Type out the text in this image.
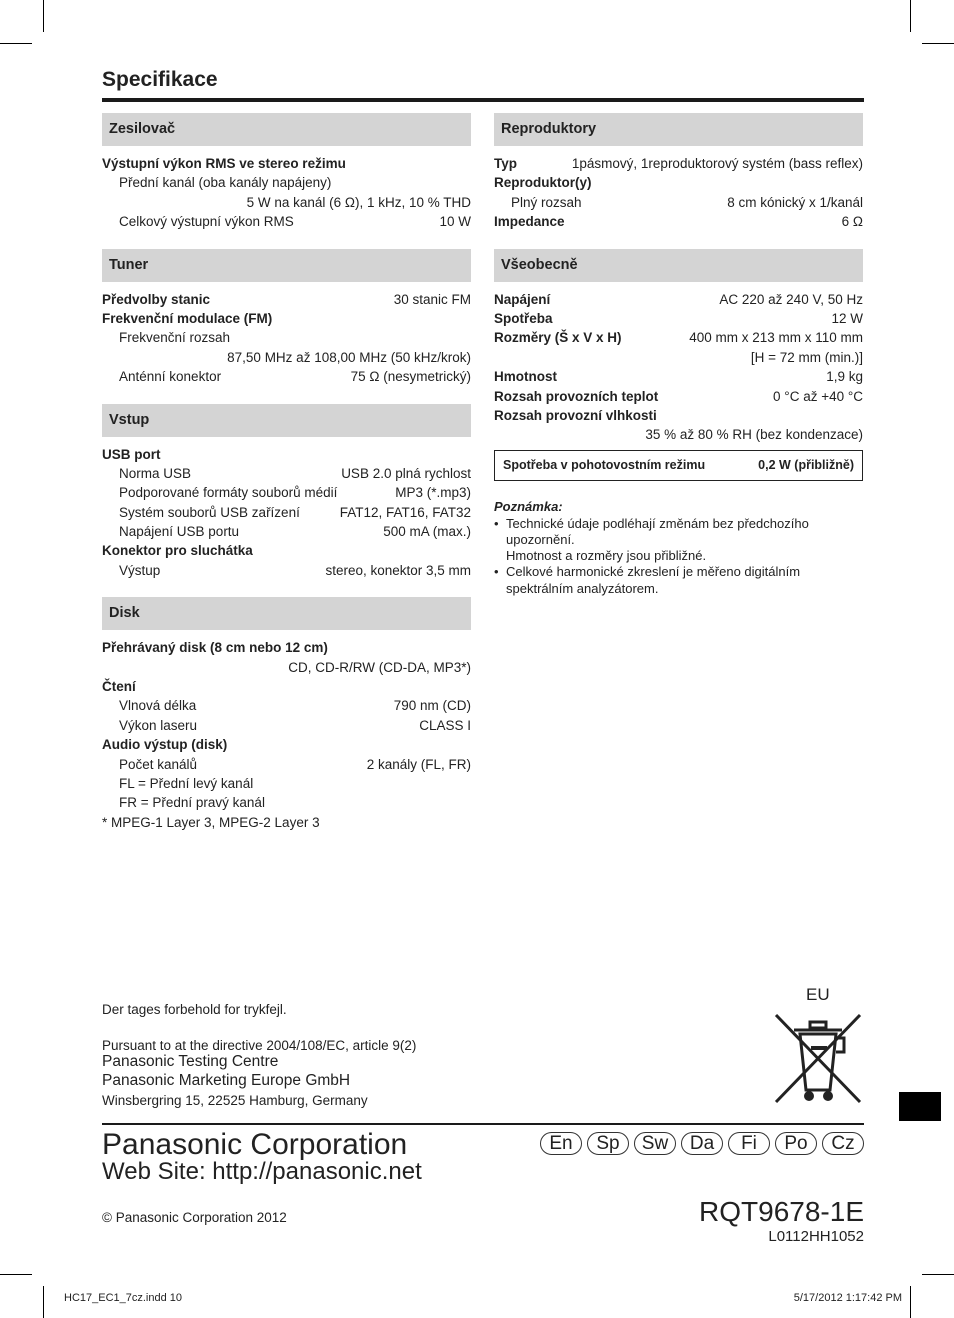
Specifikace
Zesilovač
Výstupní výkon RMS ve stereo režimu
Přední kanál (oba kanály napájeny)
5 W na kanál (6 Ω), 1 kHz, 10 % THD
Celkový výstupní výkon RMS	10 W
Tuner
Předvolby stanic	30 stanic FM
Frekvenční modulace (FM)
Frekvenční rozsah
87,50 MHz až 108,00 MHz (50 kHz/krok)
Anténní konektor	75 Ω (nesymetrický)
Vstup
USB port
Norma USB	USB 2.0 plná rychlost
Podporované formáty souborů médií	MP3 (*.mp3)
Systém souborů USB zařízení	FAT12, FAT16, FAT32
Napájení USB portu	500 mA (max.)
Konektor pro sluchátka
Výstup	stereo, konektor 3,5 mm
Disk
Přehrávaný disk (8 cm nebo 12 cm)
CD, CD-R/RW (CD-DA, MP3*)
Čtení
Vlnová délka	790 nm (CD)
Výkon laseru	CLASS I
Audio výstup (disk)
Počet kanálů	2 kanály (FL, FR)
FL = Přední levý kanál
FR = Přední pravý kanál
* MPEG-1 Layer 3, MPEG-2 Layer 3
Reproduktory
Typ	1pásmový, 1reproduktorový systém (bass reflex)
Reproduktor(y)
Plný rozsah	8 cm kónický x 1/kanál
Impedance	6 Ω
Všeobecně
Napájení	AC 220 až 240 V, 50 Hz
Spotřeba	12 W
Rozměry (Š x V x H)	400 mm x 213 mm x 110 mm
[H = 72 mm (min.)]
Hmotnost	1,9 kg
Rozsah provozních teplot	0 °C až +40 °C
Rozsah provozní vlhkosti
35 % až 80 % RH (bez kondenzace)
Spotřeba v pohotovostním režimu	0,2 W (přibližně)
Poznámka:
• Technické údaje podléhají změnám bez předchozího upozornění.
Hmotnost a rozměry jsou přibližné.
• Celkové harmonické zkreslení je měřeno digitálním spektrálním analyzátorem.
Der tages forbehold for trykfejl.
Pursuant to at the directive 2004/108/EC, article 9(2)
Panasonic Testing Centre
Panasonic Marketing Europe GmbH
Winsbergring 15, 22525 Hamburg, Germany
EU
Panasonic Corporation
Web Site: http://panasonic.net
En	Sp	Sw	Da	Fi	Po	Cz
© Panasonic Corporation 2012	RQT9678-1E
L0112HH1052
HC17_EC1_7cz.indd 10	5/17/2012 1:17:42 PM
